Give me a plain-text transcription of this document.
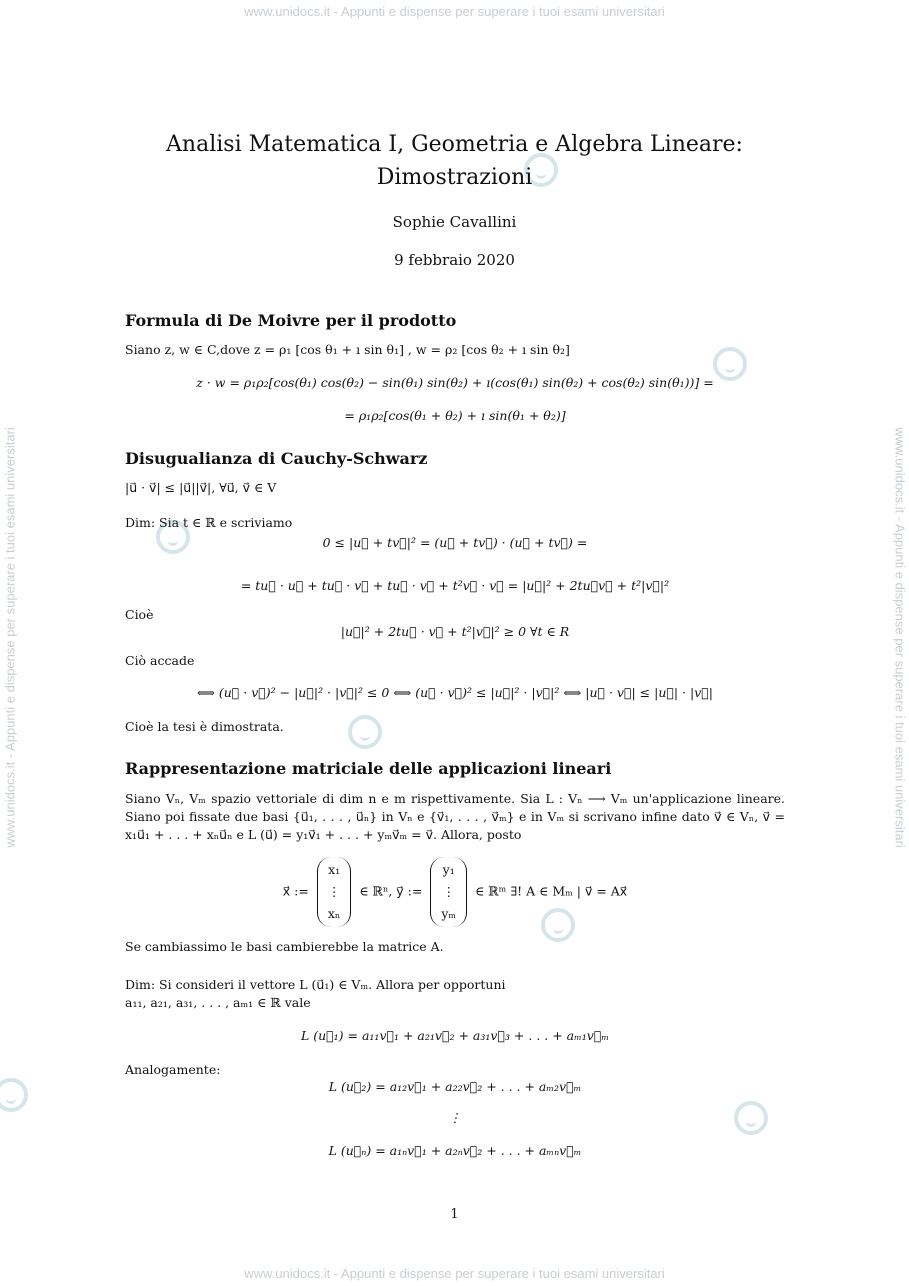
www.unidocs.it - Appunti e dispense per superare i tuoi esami universitari
www.unidocs.it - Appunti e dispense per superare i tuoi esami universitari
www.unidocs.it - Appunti e dispense per superare i tuoi esami universitari	www.unidocs.it - Appunti e dispense per superare i tuoi esami universitari
Analisi Matematica I, Geometria e Algebra Lineare:
Dimostrazioni
Sophie Cavallini
9 febbraio 2020
Formula di De Moivre per il prodotto
Siano z, w ∈ C,dove z = ρ₁ [cos θ₁ + ı sin θ₁] , w = ρ₂ [cos θ₂ + ı sin θ₂]
z · w = ρ₁ρ₂[cos(θ₁) cos(θ₂) − sin(θ₁) sin(θ₂) + ı(cos(θ₁) sin(θ₂) + cos(θ₂) sin(θ₁))] =
= ρ₁ρ₂[cos(θ₁ + θ₂) + ı sin(θ₁ + θ₂)]
Disugualianza di Cauchy-Schwarz
|u⃗ · v⃗| ≤ |u⃗||v⃗|, ∀u⃗, v⃗ ∈ V
Dim: Sia t ∈ ℝ e scriviamo
0 ≤ |u⃗ + tv⃗|² = (u⃗ + tv⃗) · (u⃗ + tv⃗) =
= tu⃗ · u⃗ + tu⃗ · v⃗ + tu⃗ · v⃗ + t²v⃗ · v⃗ = |u⃗|² + 2tu⃗v⃗ + t²|v⃗|²
Cioè
|u⃗|² + 2tu⃗ · v⃗ + t²|v⃗|² ≥ 0 ∀t ∈ R
Ciò accade
⟺ (u⃗ · v⃗)² − |u⃗|² · |v⃗|² ≤ 0 ⟺ (u⃗ · v⃗)² ≤ |u⃗|² · |v⃗|² ⟺ |u⃗ · v⃗| ≤ |u⃗| · |v⃗|
Cioè la tesi è dimostrata.
Rappresentazione matriciale delle applicazioni lineari
Siano Vₙ, Vₘ spazio vettoriale di dim n e m rispettivamente. Sia L : Vₙ ⟶ Vₘ un'applicazione lineare. Siano poi fissate due basi {u⃗₁, . . . , u⃗ₙ} in Vₙ e {v⃗₁, . . . , v⃗ₘ} e in Vₘ si scrivano infine dato v⃗ ∈ Vₙ, v⃗ = x₁u⃗₁ + . . . + xₙu⃗ₙ e L (u⃗) = y₁v⃗₁ + . . . + yₘv⃗ₘ = v⃗. Allora, posto
x⃗ :=
x₁
⋮
xₙ
∈ ℝⁿ, y⃗ :=
y₁
⋮
yₘ
∈ ℝᵐ ∃! A ∈ Mₘ | v⃗ = Ax⃗
Se cambiassimo le basi cambierebbe la matrice A.
Dim: Si consideri il vettore L (u⃗₁) ∈ Vₘ. Allora per opportuni
a₁₁, a₂₁, a₃₁, . . . , aₘ₁ ∈ ℝ vale
L (u⃗₁) = a₁₁v⃗₁ + a₂₁v⃗₂ + a₃₁v⃗₃ + . . . + aₘ₁v⃗ₘ
Analogamente:
L (u⃗₂) = a₁₂v⃗₁ + a₂₂v⃗₂ + . . . + aₘ₂v⃗ₘ
⋮
L (u⃗ₙ) = a₁ₙv⃗₁ + a₂ₙv⃗₂ + . . . + aₘₙv⃗ₘ
1
